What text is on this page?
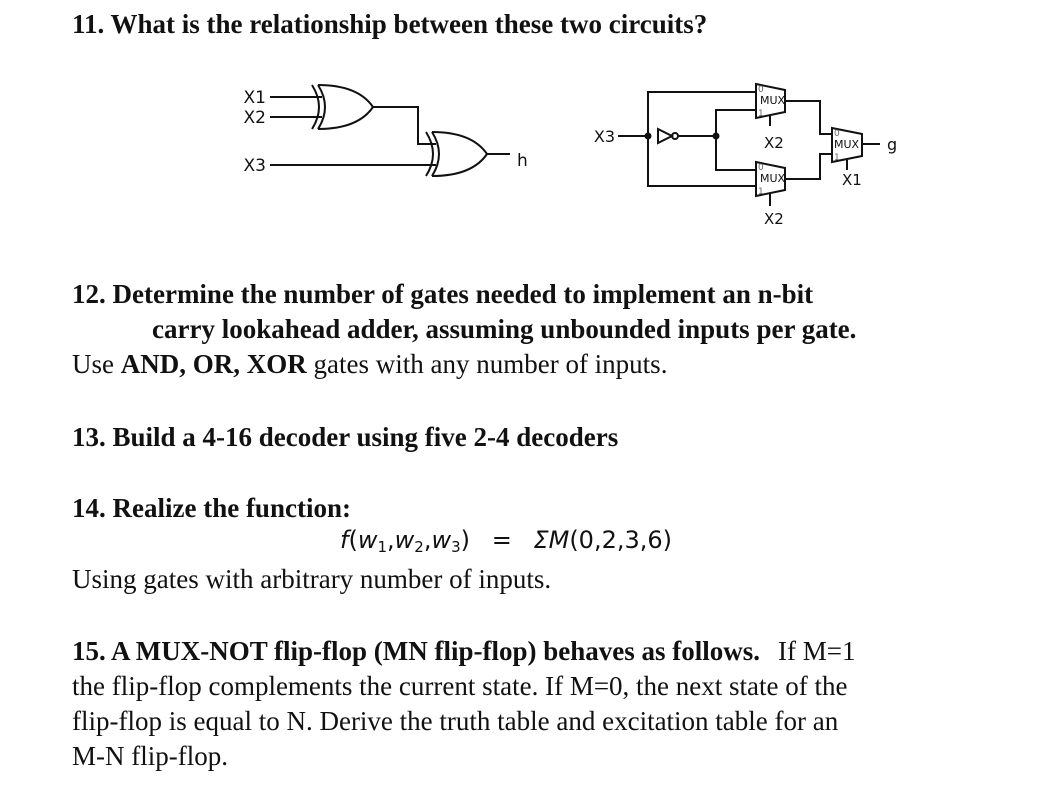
11. What is the relationship between these two circuits?
X1
X2
X3	h
X3
0
MUX
1
X2
0
MUX
1
X2
0
MUX
1
X1
g
12. Determine the number of gates needed to implement an n-bit
carry lookahead adder, assuming unbounded inputs per gate.
Use AND, OR, XOR gates with any number of inputs.
13. Build a 4-16 decoder using five 2-4 decoders
14. Realize the function:
$f(w_1,w_2,w_3) = \Sigma M(0,2,3,6)$
Using gates with arbitrary number of inputs.
15. A MUX-NOT flip-flop (MN flip-flop) behaves as follows. If M=1
the flip-flop complements the current state. If M=0, the next state of the
flip-flop is equal to N. Derive the truth table and excitation table for an
M-N flip-flop.
